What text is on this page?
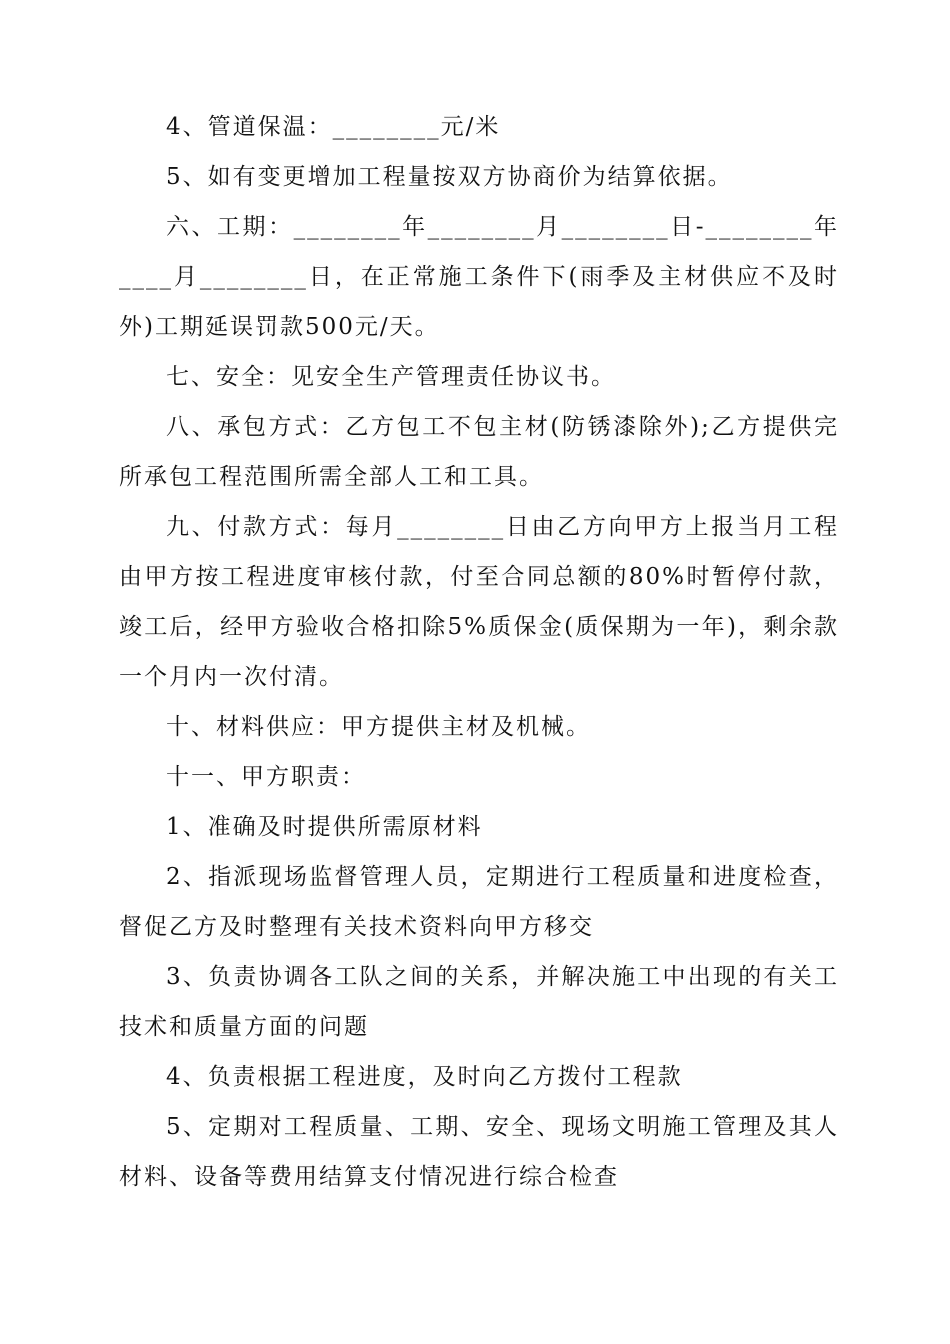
4、管道保温：________元/米
5、如有变更增加工程量按双方协商价为结算依据。
六、工期：________年________月________日-________年
____月________日，在正常施工条件下(雨季及主材供应不及时
外)工期延误罚款500元/天。
七、安全：见安全生产管理责任协议书。
八、承包方式：乙方包工不包主材(防锈漆除外);乙方提供完
所承包工程范围所需全部人工和工具。
九、付款方式：每月________日由乙方向甲方上报当月工程
由甲方按工程进度审核付款，付至合同总额的80%时暂停付款，
竣工后，经甲方验收合格扣除5%质保金(质保期为一年)，剩余款
一个月内一次付清。
十、材料供应：甲方提供主材及机械。
十一、甲方职责：
1、准确及时提供所需原材料
2、指派现场监督管理人员，定期进行工程质量和进度检查，
督促乙方及时整理有关技术资料向甲方移交
3、负责协调各工队之间的关系，并解决施工中出现的有关工
技术和质量方面的问题
4、负责根据工程进度，及时向乙方拨付工程款
5、定期对工程质量、工期、安全、现场文明施工管理及其人
材料、设备等费用结算支付情况进行综合检查
